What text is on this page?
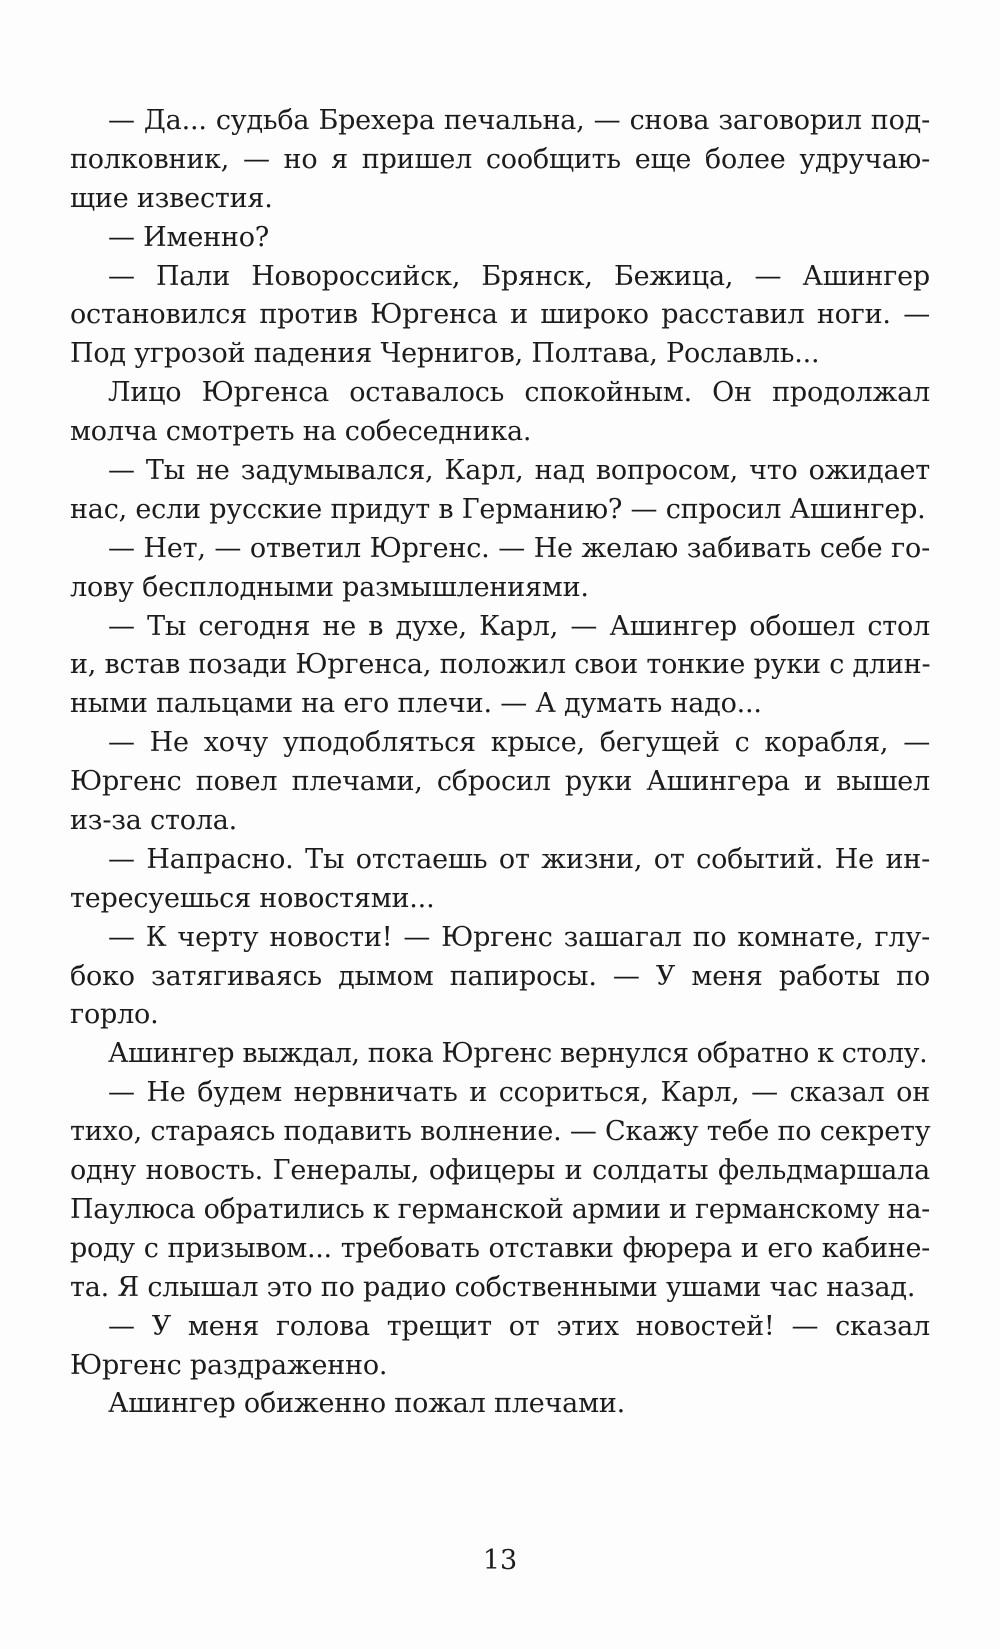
— Да... судьба Брехера печальна, — снова заговорил под-
полковник, — но я пришел сообщить еще более удручаю-
щие известия.
— Именно?
— Пали Новороссийск, Брянск, Бежица, — Ашингер
остановился против Юргенса и широко расставил ноги. —
Под угрозой падения Чернигов, Полтава, Рославль...
Лицо Юргенса оставалось спокойным. Он продолжал
молча смотреть на собеседника.
— Ты не задумывался, Карл, над вопросом, что ожидает
нас, если русские придут в Германию? — спросил Ашингер.
— Нет, — ответил Юргенс. — Не желаю забивать себе го-
лову бесплодными размышлениями.
— Ты сегодня не в духе, Карл, — Ашингер обошел стол
и, встав позади Юргенса, положил свои тонкие руки с длин-
ными пальцами на его плечи. — А думать надо...
— Не хочу уподобляться крысе, бегущей с корабля, —
Юргенс повел плечами, сбросил руки Ашингера и вышел
из-за стола.
— Напрасно. Ты отстаешь от жизни, от событий. Не ин-
тересуешься новостями...
— К черту новости! — Юргенс зашагал по комнате, глу-
боко затягиваясь дымом папиросы. — У меня работы по
горло.
Ашингер выждал, пока Юргенс вернулся обратно к столу.
— Не будем нервничать и ссориться, Карл, — сказал он
тихо, стараясь подавить волнение. — Скажу тебе по секрету
одну новость. Генералы, офицеры и солдаты фельдмаршала
Паулюса обратились к германской армии и германскому на-
роду с призывом... требовать отставки фюрера и его кабине-
та. Я слышал это по радио собственными ушами час назад.
— У меня голова трещит от этих новостей! — сказал
Юргенс раздраженно.
Ашингер обиженно пожал плечами.
13
